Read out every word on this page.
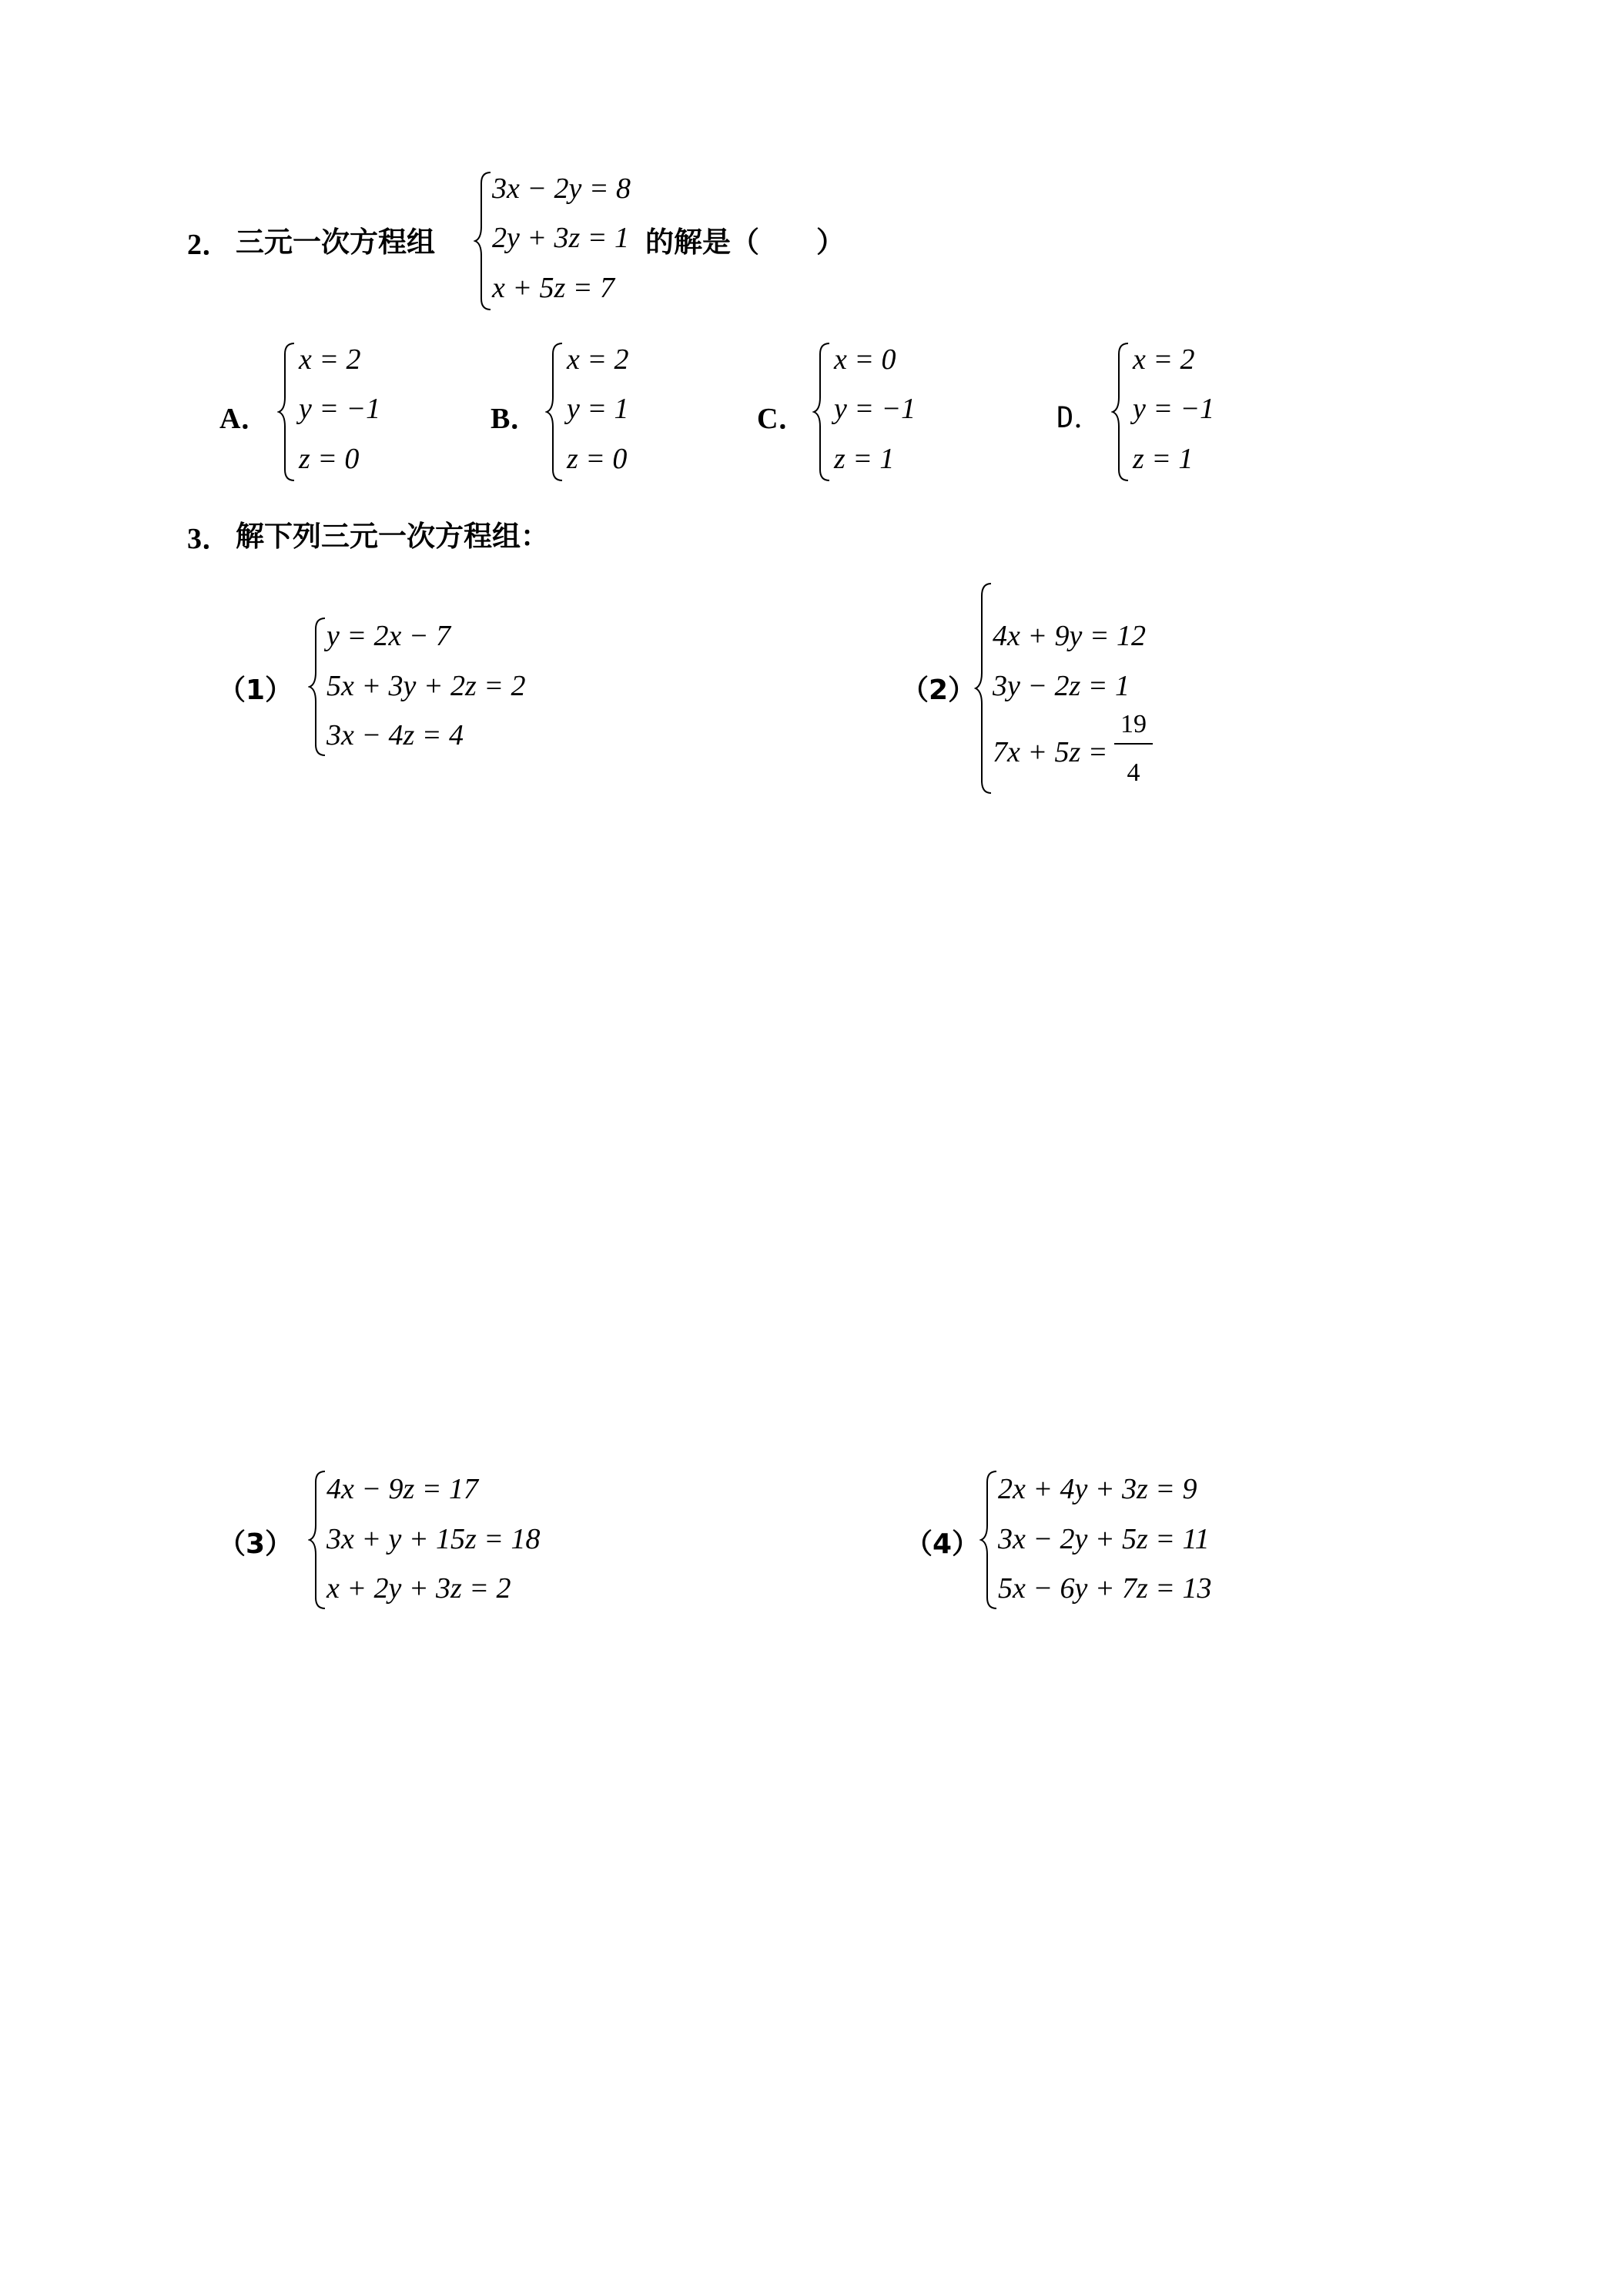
2． 三元一次方程组
3x − 2y = 8
2y + 3z = 1
x + 5z = 7
的解是（　　）
A．
x = 2
y = −1
z = 0
B．
x = 2
y = 1
z = 0
C．
x = 0
y = −1
z = 1
D．
x = 2
y = −1
z = 1
3． 解下列三元一次方程组：
（1）
y = 2x − 7
5x + 3y + 2z = 2
3x − 4z = 4
（2）
4x + 9y = 12
3y − 2z = 1
7x + 5z =
19
4
（3）
4x − 9z = 17
3x + y + 15z = 18
x + 2y + 3z = 2
（4）
2x + 4y + 3z = 9
3x − 2y + 5z = 11
5x − 6y + 7z = 13
